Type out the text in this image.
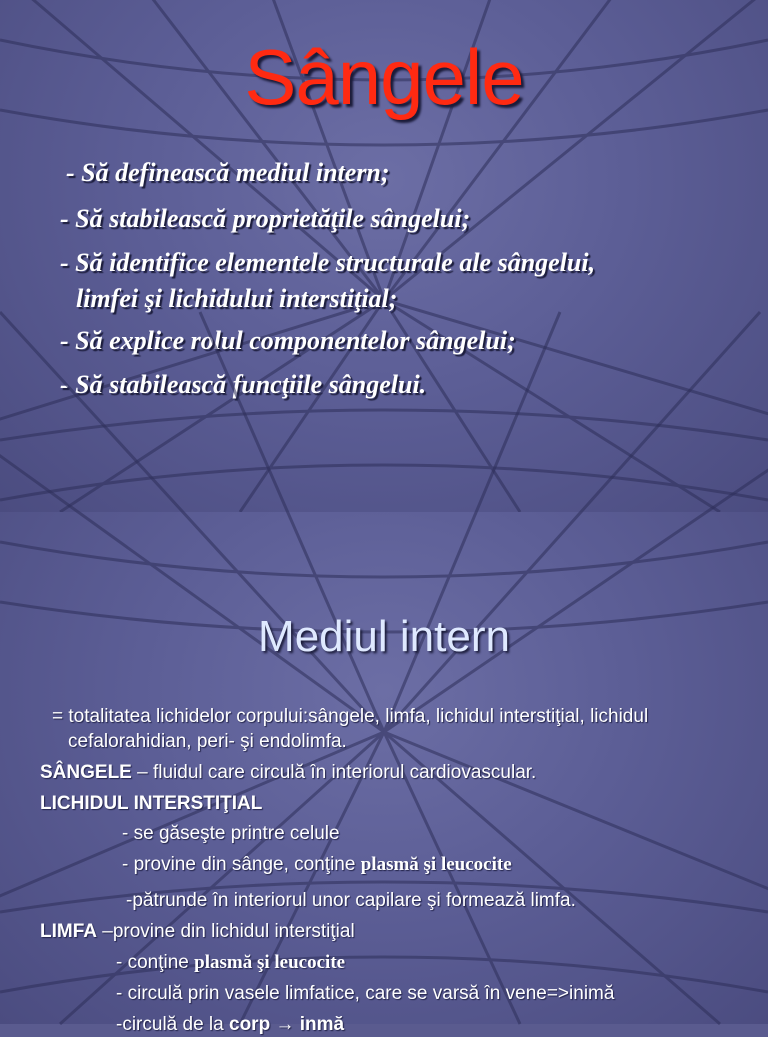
Sângele
- Să definească mediul intern;
- Să stabilească proprietăţile sângelui;
- Să identifice elementele structurale ale sângelui,
limfei şi lichidului interstiţial;
- Să explice rolul componentelor sângelui;
- Să stabilească funcţiile sângelui.
Mediul intern
= totalitatea lichidelor corpului:sângele, limfa, lichidul interstiţial, lichidul
cefalorahidian, peri- şi endolimfa.
SÂNGELE – fluidul care circulă în interiorul cardiovascular.
LICHIDUL INTERSTIŢIAL
- se găseşte printre celule
- provine din sânge, conţine plasmă şi leucocite
-pătrunde în interiorul unor capilare şi formează limfa.
LIMFA –provine din lichidul interstiţial
- conţine plasmă şi leucocite
- circulă prin vasele limfatice, care se varsă în vene=>inimă
-circulă de la corp → inmă
